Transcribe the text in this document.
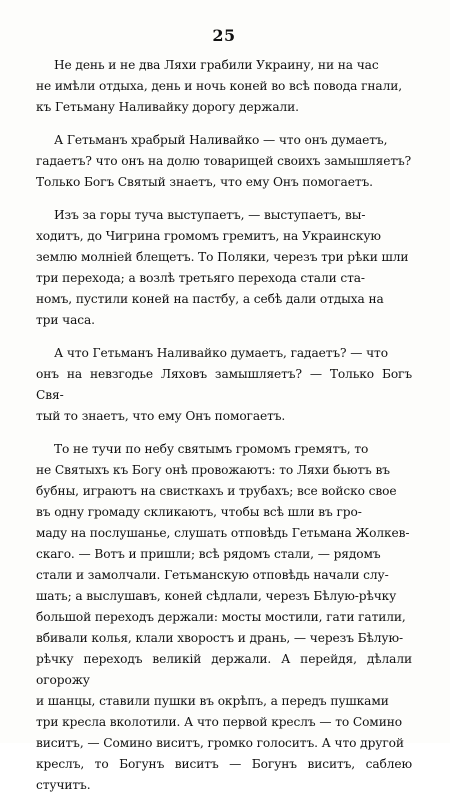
25

Не день и не два Ляхи грабили Украину, ни на час
не имѣли отдыха, день и ночь коней во всѣ повода гнали,
къ Гетьману Наливайку дорогу держали.

А Гетьманъ храбрый Наливайко — что онъ думаетъ,
гадаетъ? что онъ на долю товарищей своихъ замышляетъ?
Только Богъ Святый знаетъ, что ему Онъ помогаетъ.

Изъ за горы туча выступаетъ, — выступаетъ, вы-
ходитъ, до Чигрина громомъ гремитъ, на Украинскую
землю молнiей блещетъ. То Поляки, черезъ три рѣки шли
три перехода; а возлѣ третьяго перехода стали ста-
номъ, пустили коней на пастбу, а себѣ дали отдыха на
три часа.

А что Гетьманъ Наливайко думаетъ, гадаетъ? — что
онъ на невзгодье Ляховъ замышляетъ? — Только Богъ Свя-
тый то знаетъ, что ему Онъ помогаетъ.

То не тучи по небу святымъ громомъ гремятъ, то
не Святыхъ къ Богу онѣ провожаютъ: то Ляхи бьютъ въ
бубны, играютъ на свисткахъ и трубахъ; все войско свое
въ одну громаду скликаютъ, чтобы всѣ шли въ гро-
маду на послушанье, слушать отповѣдь Гетьмана Жолкев-
скаго. — Вотъ и пришли; всѣ рядомъ стали, — рядомъ
стали и замолчали. Гетьманскую отповѣдь начали слу-
шать; а выслушавъ, коней сѣдлали, черезъ Бѣлую-рѣчку
большой переходъ держали: мосты мостили, гати гатили,
вбивали колья, клали хворостъ и дрань, — черезъ Бѣлую-
рѣчку переходъ великiй держали. А перейдя, дѣлали огорожу
и шанцы, ставили пушки въ окрѣпъ, а передъ пушками
три кресла вколотили. А что первой креслъ — то Сомино
виситъ, — Сомино виситъ, громко голоситъ. А что другой
креслъ, то Богунъ виситъ — Богунъ виситъ, саблею стучитъ.
